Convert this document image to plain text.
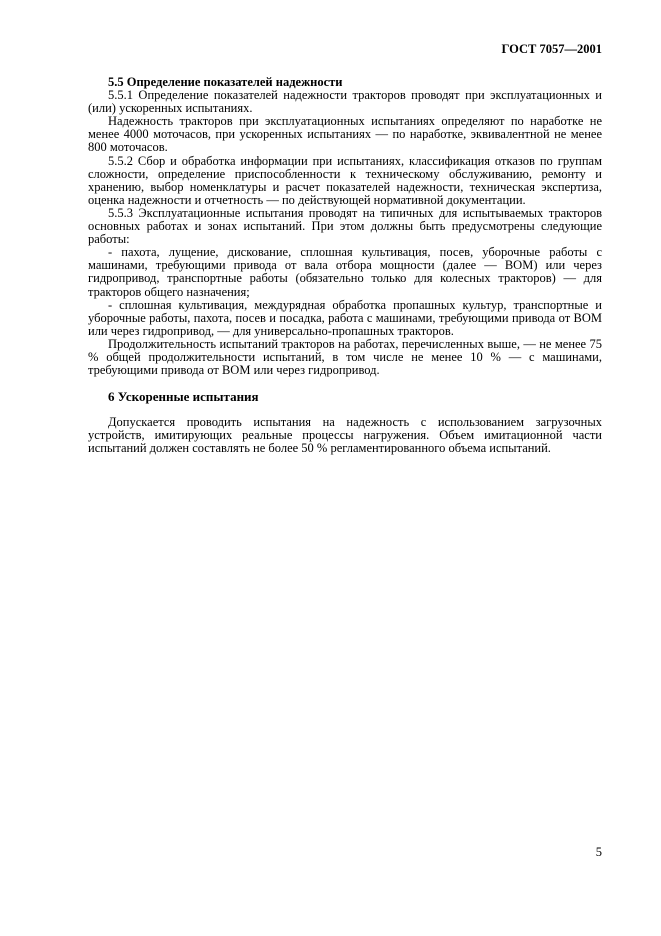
ГОСТ 7057—2001

5.5 Определение показателей надежности

5.5.1 Определение показателей надежности тракторов проводят при эксплуатационных и (или) ускоренных испытаниях.

Надежность тракторов при эксплуатационных испытаниях определяют по наработке не менее 4000 моточасов, при ускоренных испытаниях — по наработке, эквивалентной не менее 800 моточасов.

5.5.2 Сбор и обработка информации при испытаниях, классификация отказов по группам сложности, определение приспособленности к техническому обслуживанию, ремонту и хранению, выбор номенклатуры и расчет показателей надежности, техническая экспертиза, оценка надежности и отчетность — по действующей нормативной документации.

5.5.3 Эксплуатационные испытания проводят на типичных для испытываемых тракторов основных работах и зонах испытаний. При этом должны быть предусмотрены следующие работы:

- пахота, лущение, дискование, сплошная культивация, посев, уборочные работы с машинами, требующими привода от вала отбора мощности (далее — ВОМ) или через гидропривод, транспортные работы (обязательно только для колесных тракторов) — для тракторов общего назначения;

- сплошная культивация, междурядная обработка пропашных культур, транспортные и уборочные работы, пахота, посев и посадка, работа с машинами, требующими привода от ВОМ или через гидропривод, — для универсально-пропашных тракторов.

Продолжительность испытаний тракторов на работах, перечисленных выше, — не менее 75 % общей продолжительности испытаний, в том числе не менее 10 % — с машинами, требующими привода от ВОМ или через гидропривод.

6 Ускоренные испытания

Допускается проводить испытания на надежность с использованием загрузочных устройств, имитирующих реальные процессы нагружения. Объем имитационной части испытаний должен составлять не более 50 % регламентированного объема испытаний.

5
